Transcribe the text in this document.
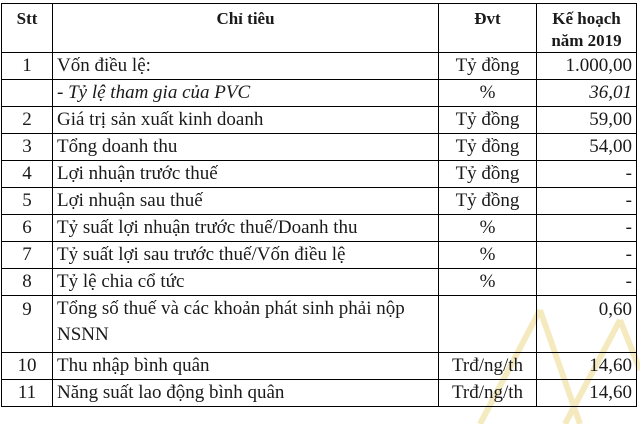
Stt	Chỉ tiêu	Đvt	Kế hoạch
năm 2019
1	Vốn điều lệ:	Tỷ đồng	1.000,00
	- Tỷ lệ tham gia của PVC	%	36,01
2	Giá trị sản xuất kinh doanh	Tỷ đồng	59,00
3	Tổng doanh thu	Tỷ đồng	54,00
4	Lợi nhuận trước thuế	Tỷ đồng	-
5	Lợi nhuận sau thuế	Tỷ đồng	-
6	Tỷ suất lợi nhuận trước thuế/Doanh thu	%	-
7	Tỷ suất lợi sau trước thuế/Vốn điều lệ	%	-
8	Tỷ lệ chia cổ tức	%	-
9	Tổng số thuế và các khoản phát sinh phải nộp NSNN		0,60
10	Thu nhập bình quân	Trđ/ng/th	14,60
11	Năng suất lao động bình quân	Trđ/ng/th	14,60
